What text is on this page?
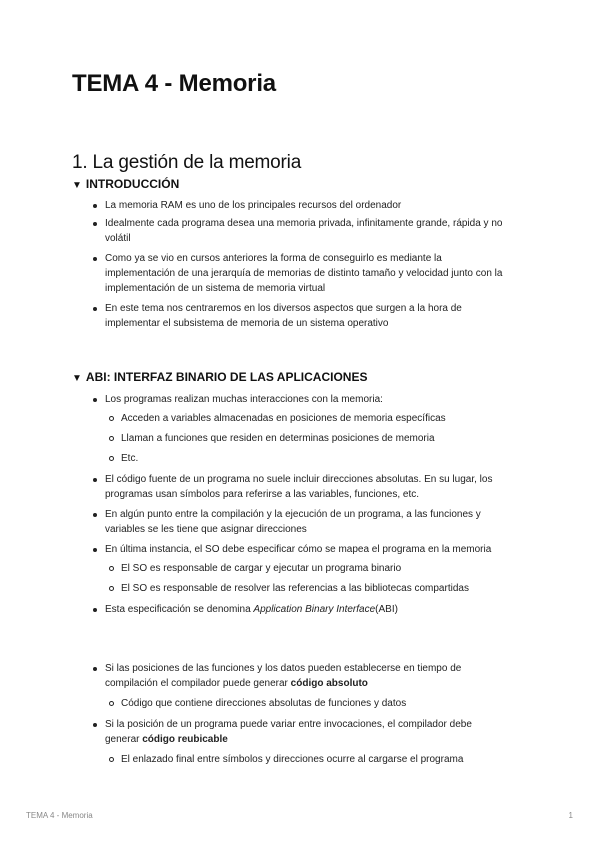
TEMA 4 - Memoria
1. La gestión de la memoria
▼ INTRODUCCIÓN
La memoria RAM es uno de los principales recursos del ordenador
Idealmente cada programa desea una memoria privada, infinitamente grande, rápida y no volátil
Como ya se vio en cursos anteriores la forma de conseguirlo es mediante la implementación de una jerarquía de memorias de distinto tamaño y velocidad junto con la implementación de un sistema de memoria virtual
En este tema nos centraremos en los diversos aspectos que surgen a la hora de implementar el subsistema de memoria de un sistema operativo
▼ ABI: INTERFAZ BINARIO DE LAS APLICACIONES
Los programas realizan muchas interacciones con la memoria:
Acceden a variables almacenadas en posiciones de memoria específicas
Llaman a funciones que residen en determinas posiciones de memoria
Etc.
El código fuente de un programa no suele incluir direcciones absolutas. En su lugar, los programas usan símbolos para referirse a las variables, funciones, etc.
En algún punto entre la compilación y la ejecución de un programa, a las funciones y variables se les tiene que asignar direcciones
En última instancia, el SO debe especificar cómo se mapea el programa en la memoria
El SO es responsable de cargar y ejecutar un programa binario
El SO es responsable de resolver las referencias a las bibliotecas compartidas
Esta especificación se denomina Application Binary Interface(ABI)
Si las posiciones de las funciones y los datos pueden establecerse en tiempo de compilación el compilador puede generar código absoluto
Código que contiene direcciones absolutas de funciones y datos
Si la posición de un programa puede variar entre invocaciones, el compilador debe generar código reubicable
El enlazado final entre símbolos y direcciones ocurre al cargarse el programa
TEMA 4 - Memoria	1
